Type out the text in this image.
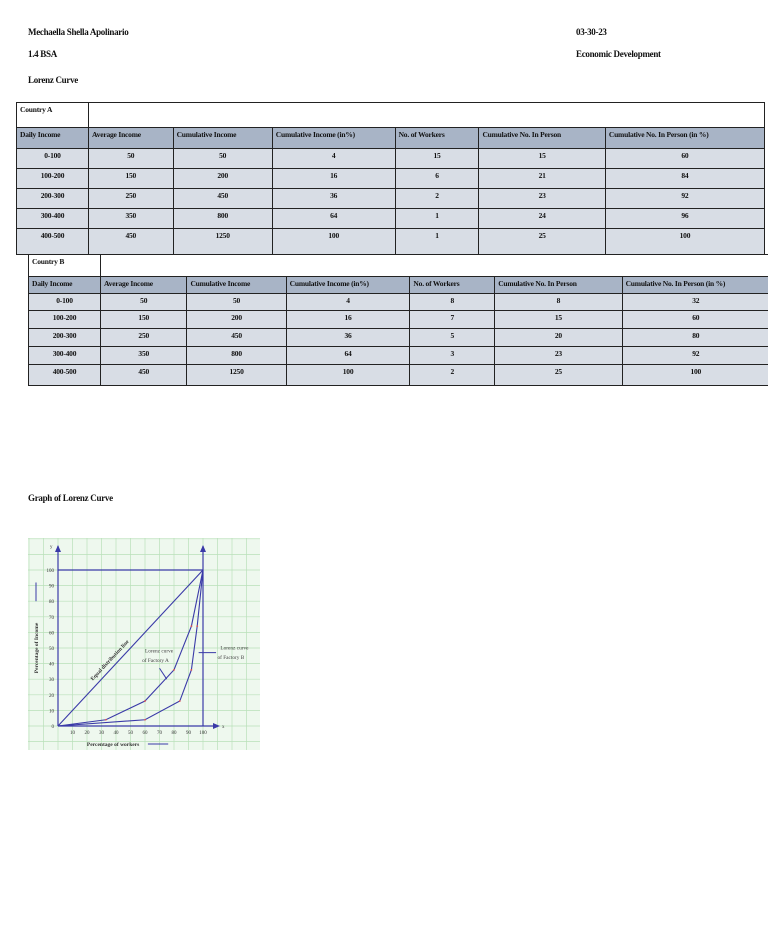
Mechaella Shella Apolinario	03-30-23
1.4 BSA	Economic Development
Lorenz Curve
Country A						
Daily Income	Average Income	Cumulative Income	Cumulative Income (in%)	No. of Workers	Cumulative No. In Person	Cumulative No. In Person (in %)
0-100	50	50	4	15	15	60
100-200	150	200	16	6	21	84
200-300	250	450	36	2	23	92
300-400	350	800	64	1	24	96
400-500	450	1250	100	1	25	100
Country B						
Daily Income	Average Income	Cumulative Income	Cumulative Income (in%)	No. of Workers	Cumulative No. In Person	Cumulative No. In Person (in %)
0-100	50	50	4	8	8	32
100-200	150	200	16	7	15	60
200-300	250	450	36	5	20	80
300-400	350	800	64	3	23	92
400-500	450	1250	100	2	25	100
Graph of Lorenz Curve
y
x
10 20 30 40 50 60 70 80 90 100
0
10
20
30
40
50
60
70
80
90
100
Equal distribution line	Lorenz curve
of Factory A
Lorenz curve
of Factory B
Percentage of workers
Percentage of Income
